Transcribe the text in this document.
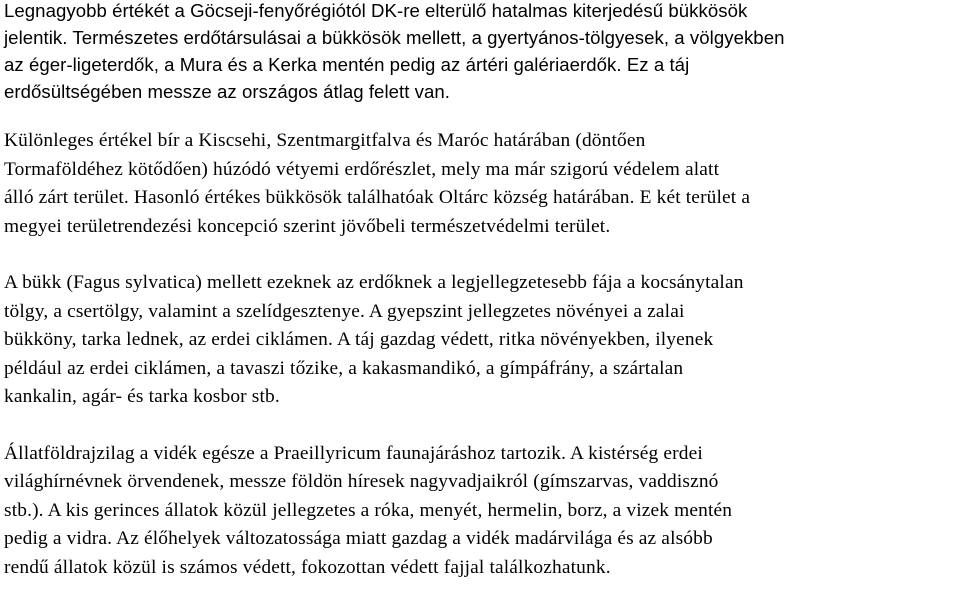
Legnagyobb értékét a Göcseji-fenyőrégiótól DK-re elterülő hatalmas kiterjedésű bükkösök
jelentik. Természetes erdőtársulásai a bükkösök mellett, a gyertyános-tölgyesek, a völgyekben
az éger-ligeterdők, a Mura és a Kerka mentén pedig az ártéri galériaerdők. Ez a táj
erdősültségében messze az országos átlag felett van.

Különleges értékel bír a Kiscsehi, Szentmargitfalva és Maróc határában (döntően
Tormaföldéhez kötődően) húzódó vétyemi erdőrészlet, mely ma már szigorú védelem alatt
álló zárt terület. Hasonló értékes bükkösök találhatóak Oltárc község határában. E két terület a
megyei területrendezési koncepció szerint jövőbeli természetvédelmi terület.

A bükk (Fagus sylvatica) mellett ezeknek az erdőknek a legjellegzetesebb fája a kocsánytalan
tölgy, a csertölgy, valamint a szelídgesztenye. A gyepszint jellegzetes növényei a zalai
bükköny, tarka lednek, az erdei ciklámen. A táj gazdag védett, ritka növényekben, ilyenek
például az erdei ciklámen, a tavaszi tőzike, a kakasmandikó, a gímpáfrány, a szártalan
kankalin, agár- és tarka kosbor stb.

Állatföldrajzilag a vidék egésze a Praeillyricum faunajáráshoz tartozik. A kistérség erdei
világhírnévnek örvendenek, messze földön híresek nagyvadjaikról (gímszarvas, vaddisznó
stb.). A kis gerinces állatok közül jellegzetes a róka, menyét, hermelin, borz, a vizek mentén
pedig a vidra. Az élőhelyek változatossága miatt gazdag a vidék madárvilága és az alsóbb
rendű állatok közül is számos védett, fokozottan védett fajjal találkozhatunk.
